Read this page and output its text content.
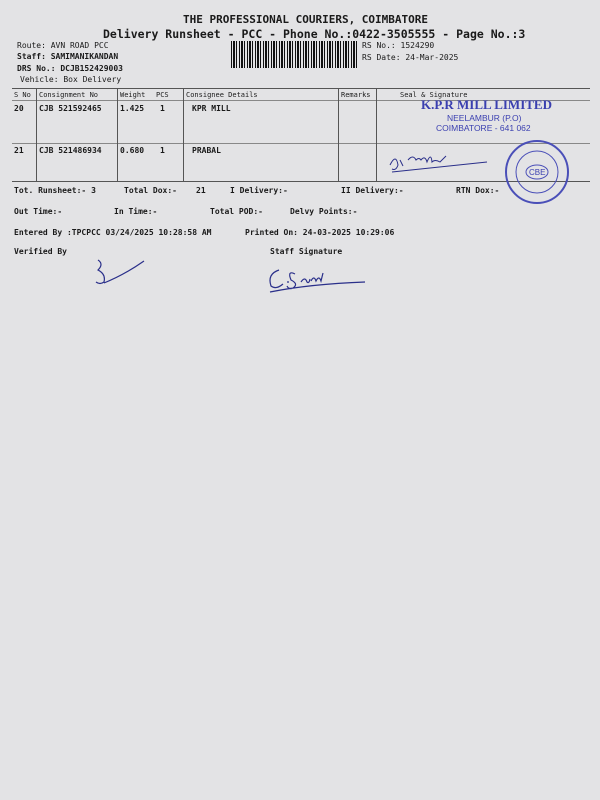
THE PROFESSIONAL COURIERS, COIMBATORE
Delivery Runsheet - PCC - Phone No.:0422-3505555 - Page No.:3
Route: AVN ROAD PCC
Staff: SAMIMANIKANDAN
DRS No.: DCJB152429003
Vehicle: Box Delivery
RS No.: 1524290
RS Date: 24-Mar-2025
S No Consignment No	Weight PCS Consignee Details	Remarks	Seal & Signature
20 CJB 521592465 1.425 1	KPR MILL
21 CJB 521486934 0.680 1	PRABAL
K.P.R MILL LIMITED
NEELAMBUR (P.O)
COIMBATORE - 641 062
CBE
Tot. Runsheet:- 3	Total Dox:- 21	I Delivery:-	II Delivery:-	RTN Dox:-
Out Time:-	In Time:-	Total POD:-	Delvy Points:-
Entered By :TPCPCC 03/24/2025 10:28:58 AM	Printed On: 24-03-2025 10:29:06
Verified By	Staff Signature
